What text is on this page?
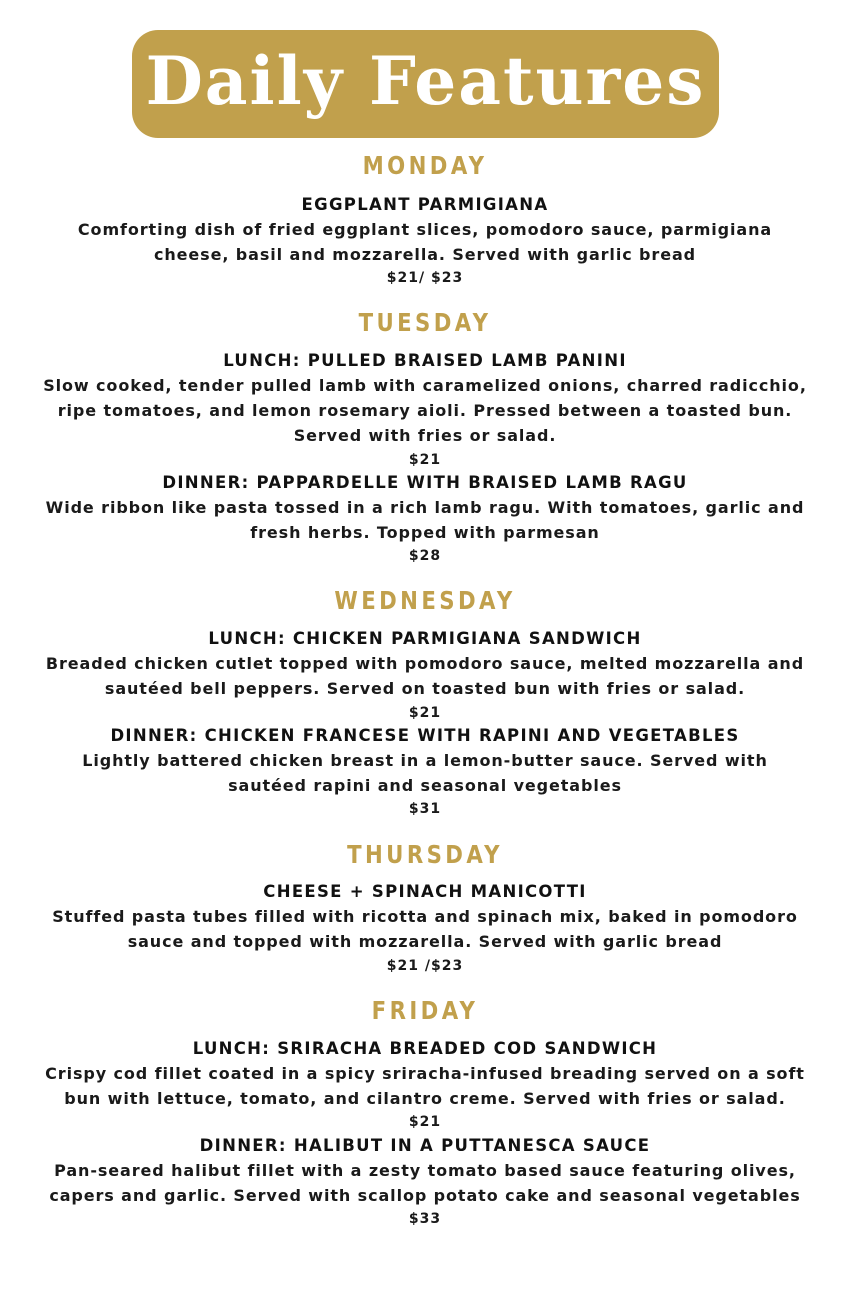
Daily Features
MONDAY
EGGPLANT PARMIGIANA
Comforting dish of fried eggplant slices, pomodoro sauce, parmigiana
cheese, basil and mozzarella. Served with garlic bread
$21/ $23
TUESDAY
LUNCH: PULLED BRAISED LAMB PANINI
Slow cooked, tender pulled lamb with caramelized onions, charred radicchio,
ripe tomatoes, and lemon rosemary aioli. Pressed between a toasted bun.
Served with fries or salad.
$21
DINNER: PAPPARDELLE WITH BRAISED LAMB RAGU
Wide ribbon like pasta tossed in a rich lamb ragu. With tomatoes, garlic and
fresh herbs. Topped with parmesan
$28
WEDNESDAY
LUNCH: CHICKEN PARMIGIANA SANDWICH
Breaded chicken cutlet topped with pomodoro sauce, melted mozzarella and
sautéed bell peppers. Served on toasted bun with fries or salad.
$21
DINNER: CHICKEN FRANCESE WITH RAPINI AND VEGETABLES
Lightly battered chicken breast in a lemon-butter sauce. Served with
sautéed rapini and seasonal vegetables
$31
THURSDAY
CHEESE + SPINACH MANICOTTI
Stuffed pasta tubes filled with ricotta and spinach mix, baked in pomodoro
sauce and topped with mozzarella. Served with garlic bread
$21 /$23
FRIDAY
LUNCH: SRIRACHA BREADED COD SANDWICH
Crispy cod fillet coated in a spicy sriracha-infused breading served on a soft
bun with lettuce, tomato, and cilantro creme. Served with fries or salad.
$21
DINNER: HALIBUT IN A PUTTANESCA SAUCE
Pan-seared halibut fillet with a zesty tomato based sauce featuring olives,
capers and garlic. Served with scallop potato cake and seasonal vegetables
$33
